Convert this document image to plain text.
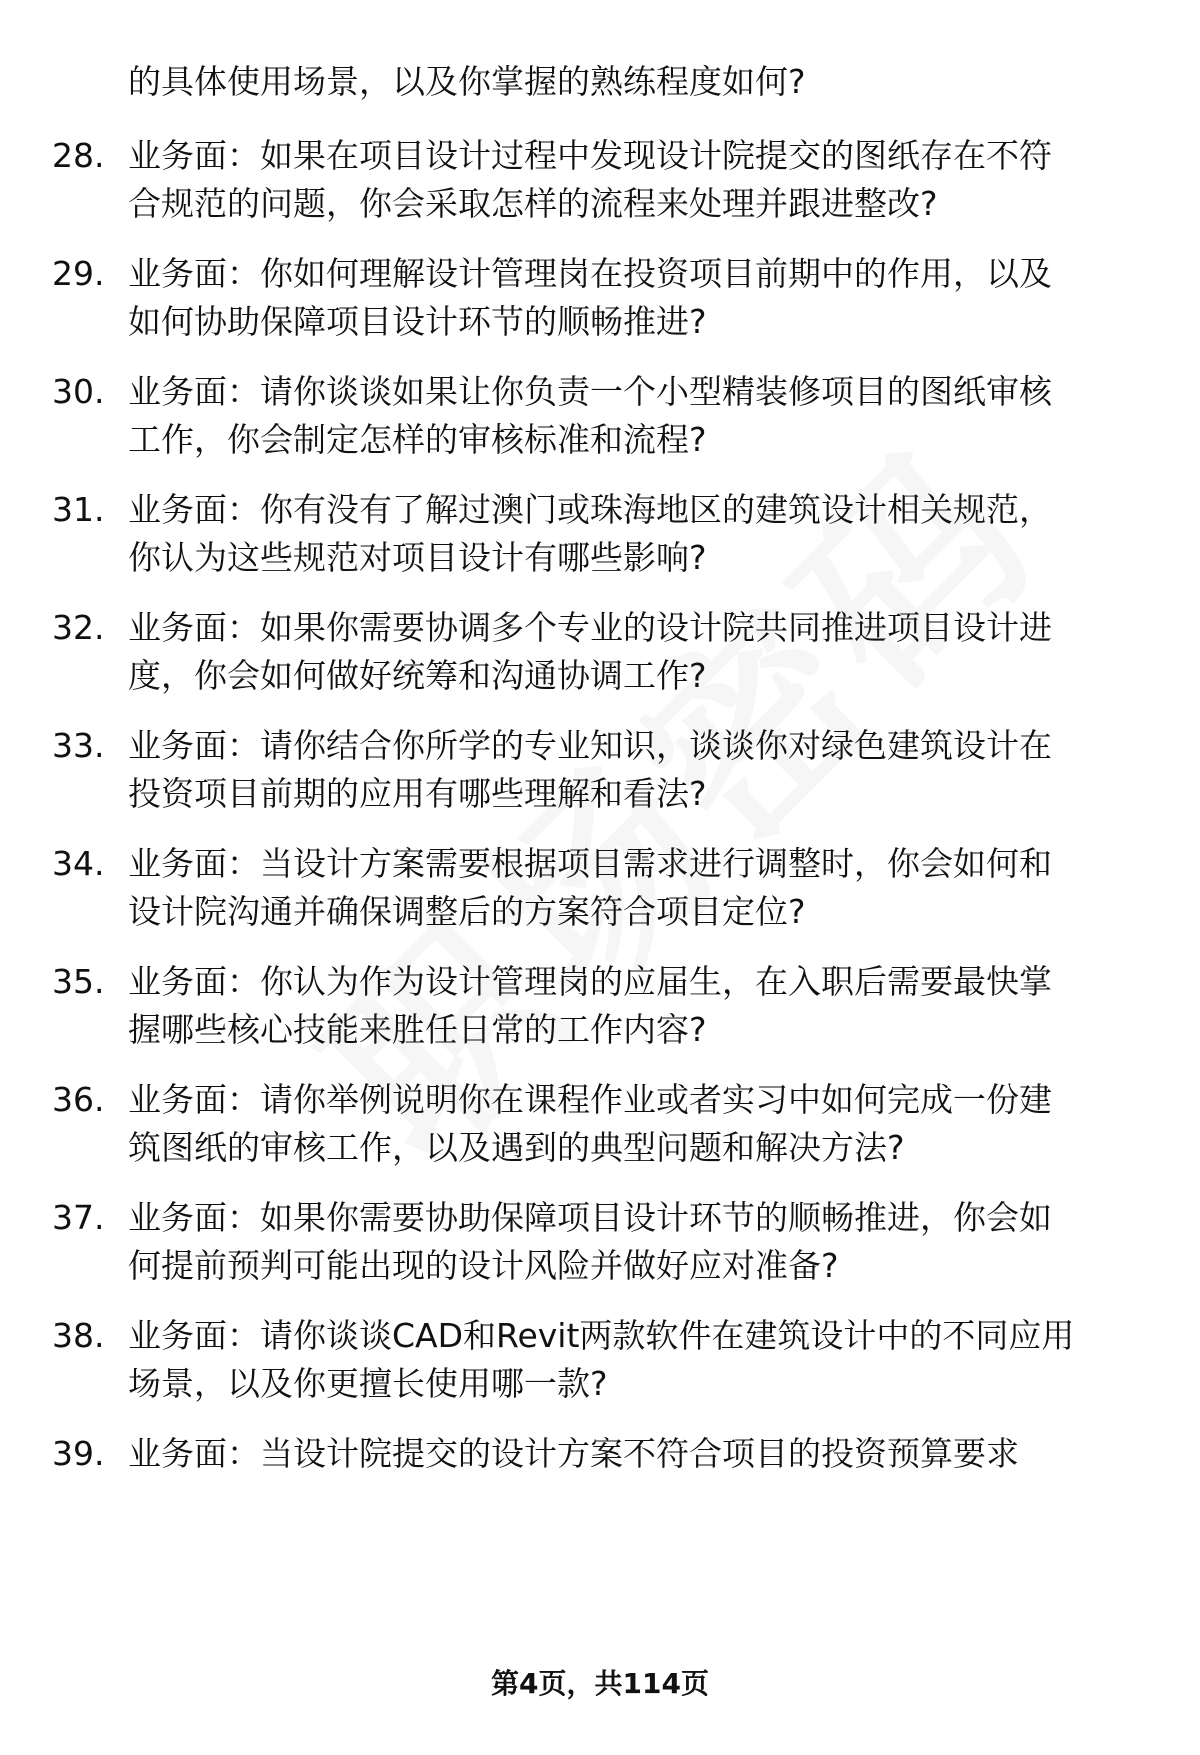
的具体使用场景，以及你掌握的熟练程度如何?
28. 业务面：如果在项目设计过程中发现设计院提交的图纸存在不符
合规范的问题，你会采取怎样的流程来处理并跟进整改?
29. 业务面：你如何理解设计管理岗在投资项目前期中的作用，以及
如何协助保障项目设计环节的顺畅推进?
30. 业务面：请你谈谈如果让你负责一个小型精装修项目的图纸审核
工作，你会制定怎样的审核标准和流程?
31. 业务面：你有没有了解过澳门或珠海地区的建筑设计相关规范，
你认为这些规范对项目设计有哪些影响?
32. 业务面：如果你需要协调多个专业的设计院共同推进项目设计进
度，你会如何做好统筹和沟通协调工作?
33. 业务面：请你结合你所学的专业知识，谈谈你对绿色建筑设计在
投资项目前期的应用有哪些理解和看法?
34. 业务面：当设计方案需要根据项目需求进行调整时，你会如何和
设计院沟通并确保调整后的方案符合项目定位?
35. 业务面：你认为作为设计管理岗的应届生，在入职后需要最快掌
握哪些核心技能来胜任日常的工作内容?
36. 业务面：请你举例说明你在课程作业或者实习中如何完成一份建
筑图纸的审核工作，以及遇到的典型问题和解决方法?
37. 业务面：如果你需要协助保障项目设计环节的顺畅推进，你会如
何提前预判可能出现的设计风险并做好应对准备?
38. 业务面：请你谈谈CAD和Revit两款软件在建筑设计中的不同应用
场景，以及你更擅长使用哪一款?
39. 业务面：当设计院提交的设计方案不符合项目的投资预算要求
第4页，共114页
